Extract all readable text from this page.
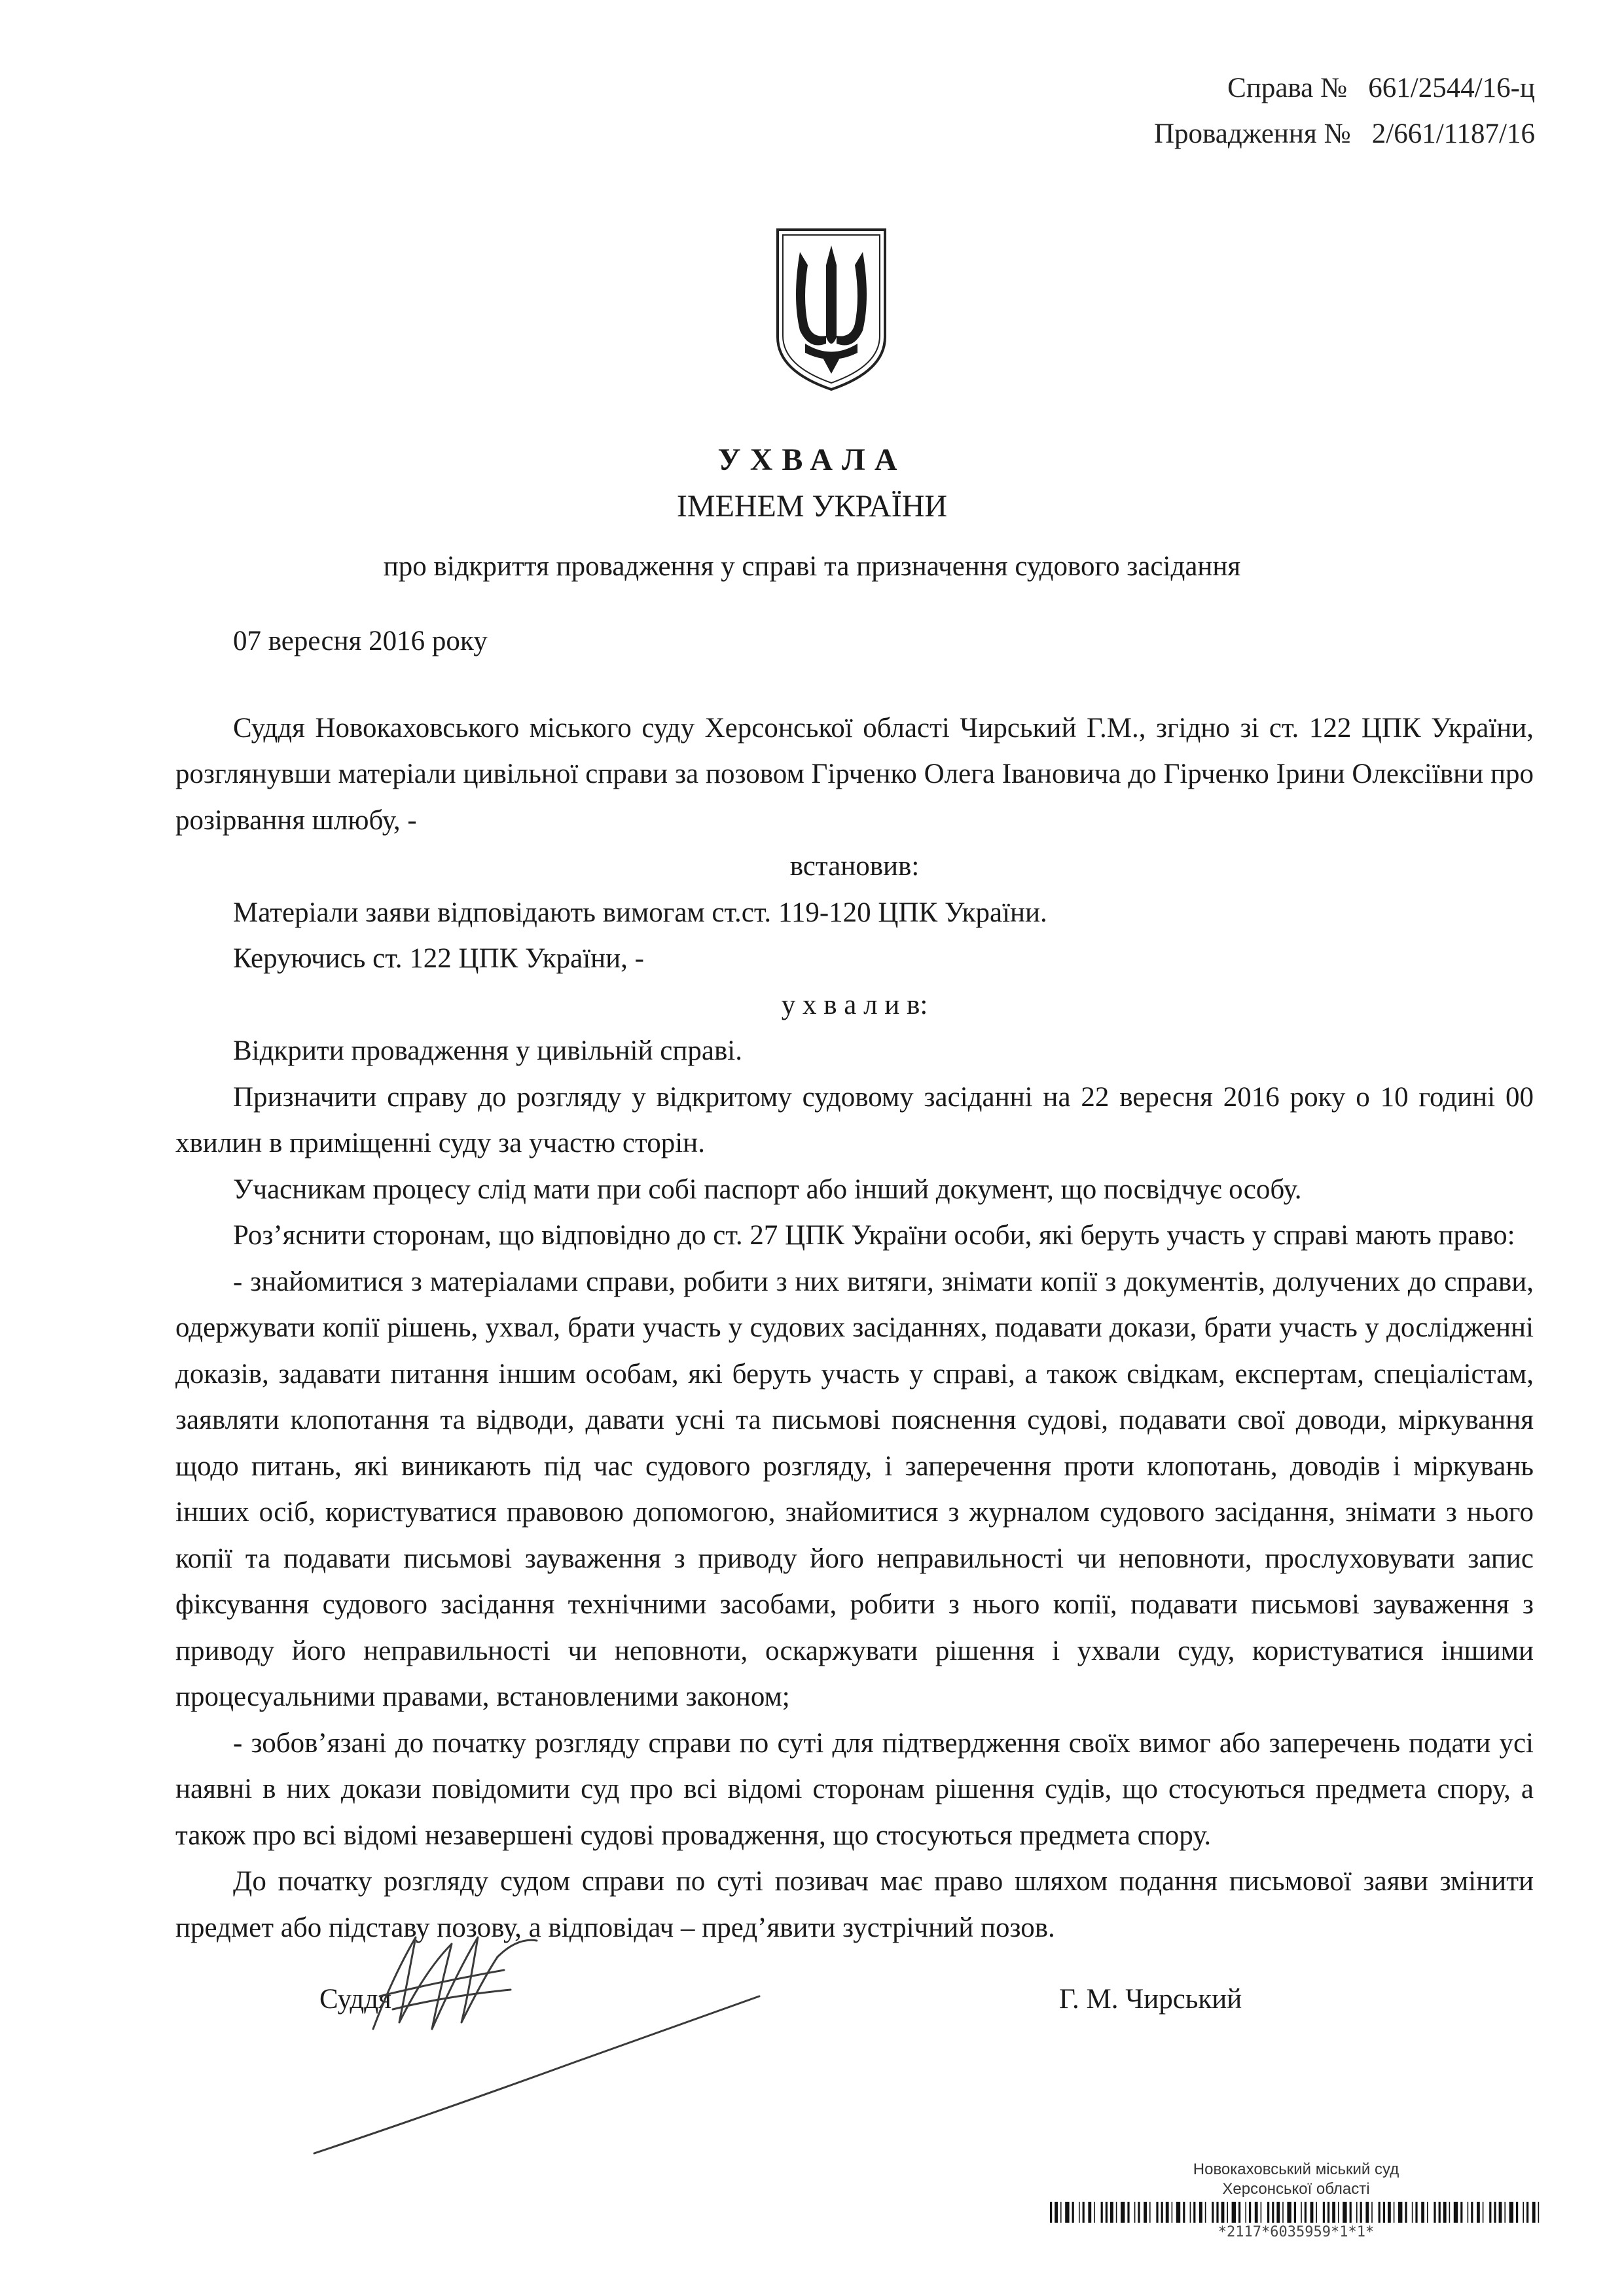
Справа №   661/2544/16-ц
Провадження №   2/661/1187/16
УХВАЛА
ІМЕНЕМ УКРАЇНИ
про відкриття провадження у справі та призначення судового засідання

07 вересня 2016 року

Суддя Новокаховського міського суду Херсонської області Чирський Г.М., згідно зі ст. 122 ЦПК України, розглянувши матеріали цивільної справи за позовом Гірченко Олега Івановича до Гірченко Ірини Олексіївни про розірвання шлюбу, -

встановив:

Матеріали заяви відповідають вимогам ст.ст. 119-120 ЦПК України.

Керуючись ст. 122 ЦПК України, -

у х в а л и в:

Відкрити провадження у цивільній справі.

Призначити справу до розгляду у відкритому судовому засіданні на 22 вересня 2016 року о 10 годині 00 хвилин в приміщенні суду за участю сторін.

Учасникам процесу слід мати при собі паспорт або інший документ, що посвідчує особу.

Роз’яснити сторонам, що відповідно до ст. 27 ЦПК України особи, які беруть участь у справі мають право:

- знайомитися з матеріалами справи, робити з них витяги, знімати копії з документів, долучених до справи, одержувати копії рішень, ухвал, брати участь у судових засіданнях, подавати докази, брати участь у дослідженні доказів, задавати питання іншим особам, які беруть участь у справі, а також свідкам, експертам, спеціалістам, заявляти клопотання та відводи, давати усні та письмові пояснення судові, подавати свої доводи, міркування щодо питань, які виникають під час судового розгляду, і заперечення проти клопотань, доводів і міркувань інших осіб, користуватися правовою допомогою, знайомитися з журналом судового засідання, знімати з нього копії та подавати письмові зауваження з приводу його неправильності чи неповноти, прослуховувати запис фіксування судового засідання технічними засобами, робити з нього копії, подавати письмові зауваження з приводу його неправильності чи неповноти, оскаржувати рішення і ухвали суду, користуватися іншими процесуальними правами, встановленими законом;

- зобов’язані до початку розгляду справи по суті для підтвердження своїх вимог або заперечень подати усі наявні в них докази повідомити суд про всі відомі сторонам рішення судів, що стосуються предмета спору, а також про всі відомі незавершені судові провадження, що стосуються предмета спору.

До початку розгляду судом справи по суті позивач має право шляхом подання письмової заяви змінити предмет або підставу позову, а відповідач – пред’явити зустрічний позов.

Суддя	Г. М. Чирський
Новокаховський міський суд
Херсонської області
*2117*6035959*1*1*
